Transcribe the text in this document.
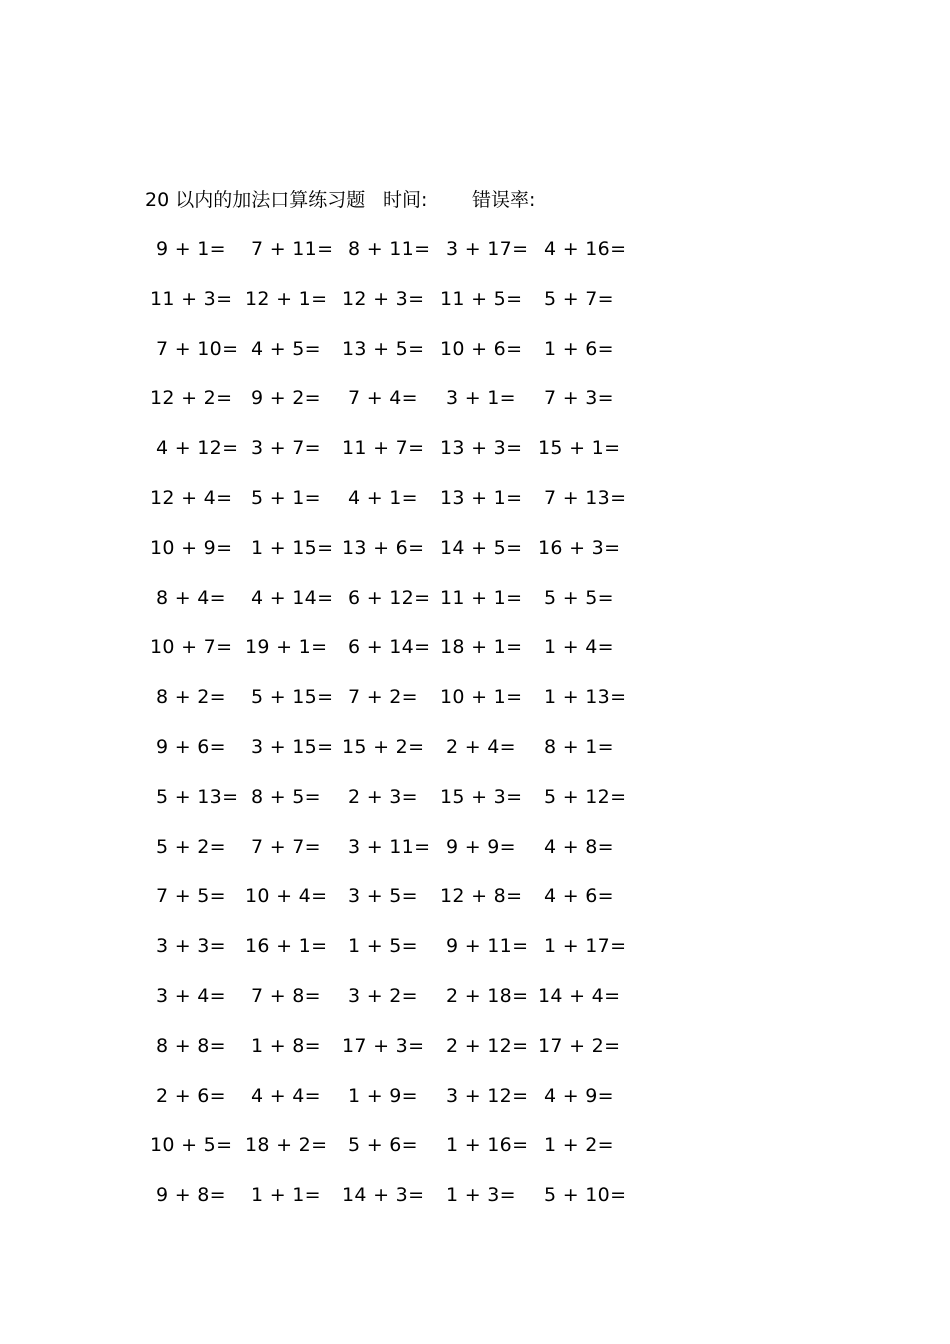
20 以内的加法口算练习题 时间: 错误率:
9 + 1= 7 + 11= 8 + 11= 3 + 17= 4 + 16=
11 + 3= 12 + 1= 12 + 3= 11 + 5= 5 + 7=
7 + 10= 4 + 5= 13 + 5= 10 + 6= 1 + 6=
12 + 2= 9 + 2= 7 + 4= 3 + 1= 7 + 3=
4 + 12= 3 + 7= 11 + 7= 13 + 3= 15 + 1=
12 + 4= 5 + 1= 4 + 1= 13 + 1= 7 + 13=
10 + 9= 1 + 15= 13 + 6= 14 + 5= 16 + 3=
8 + 4= 4 + 14= 6 + 12= 11 + 1= 5 + 5=
10 + 7= 19 + 1= 6 + 14= 18 + 1= 1 + 4=
8 + 2= 5 + 15= 7 + 2= 10 + 1= 1 + 13=
9 + 6= 3 + 15= 15 + 2= 2 + 4= 8 + 1=
5 + 13= 8 + 5= 2 + 3= 15 + 3= 5 + 12=
5 + 2= 7 + 7= 3 + 11= 9 + 9= 4 + 8=
7 + 5= 10 + 4= 3 + 5= 12 + 8= 4 + 6=
3 + 3= 16 + 1= 1 + 5= 9 + 11= 1 + 17=
3 + 4= 7 + 8= 3 + 2= 2 + 18= 14 + 4=
8 + 8= 1 + 8= 17 + 3= 2 + 12= 17 + 2=
2 + 6= 4 + 4= 1 + 9= 3 + 12= 4 + 9=
10 + 5= 18 + 2= 5 + 6= 1 + 16= 1 + 2=
9 + 8= 1 + 1= 14 + 3= 1 + 3= 5 + 10=
